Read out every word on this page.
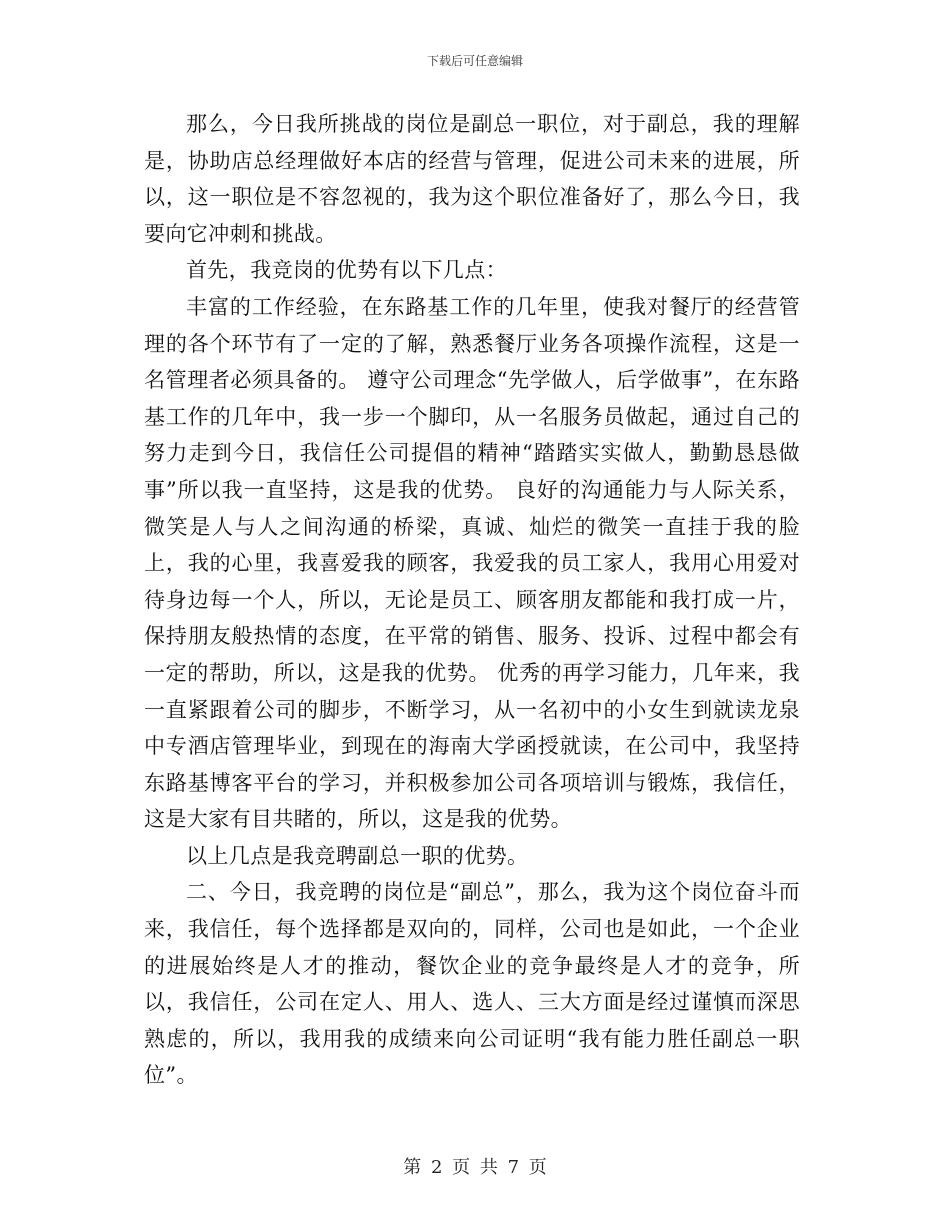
下载后可任意编辑

那么，今日我所挑战的岗位是副总一职位，对于副总，我的理解是，协助店总经理做好本店的经营与管理，促进公司未来的进展，所以，这一职位是不容忽视的，我为这个职位准备好了，那么今日，我要向它冲刺和挑战。

首先，我竞岗的优势有以下几点：

丰富的工作经验，在东路基工作的几年里，使我对餐厅的经营管理的各个环节有了一定的了解，熟悉餐厅业务各项操作流程，这是一名管理者必须具备的。 遵守公司理念“先学做人，后学做事”，在东路基工作的几年中，我一步一个脚印，从一名服务员做起，通过自己的努力走到今日，我信任公司提倡的精神“踏踏实实做人，勤勤恳恳做事”所以我一直坚持，这是我的优势。 良好的沟通能力与人际关系，微笑是人与人之间沟通的桥梁，真诚、灿烂的微笑一直挂于我的脸上，我的心里，我喜爱我的顾客，我爱我的员工家人，我用心用爱对待身边每一个人，所以，无论是员工、顾客朋友都能和我打成一片，保持朋友般热情的态度，在平常的销售、服务、投诉、过程中都会有一定的帮助，所以，这是我的优势。 优秀的再学习能力，几年来，我一直紧跟着公司的脚步，不断学习，从一名初中的小女生到就读龙泉中专酒店管理毕业，到现在的海南大学函授就读，在公司中，我坚持东路基博客平台的学习，并积极参加公司各项培训与锻炼，我信任，这是大家有目共睹的，所以，这是我的优势。

以上几点是我竞聘副总一职的优势。

二、今日，我竞聘的岗位是“副总”，那么，我为这个岗位奋斗而来，我信任，每个选择都是双向的，同样，公司也是如此，一个企业的进展始终是人才的推动，餐饮企业的竞争最终是人才的竞争，所以，我信任，公司在定人、用人、选人、三大方面是经过谨慎而深思熟虑的，所以，我用我的成绩来向公司证明“我有能力胜任副总一职位”。

第 2 页 共 7 页
